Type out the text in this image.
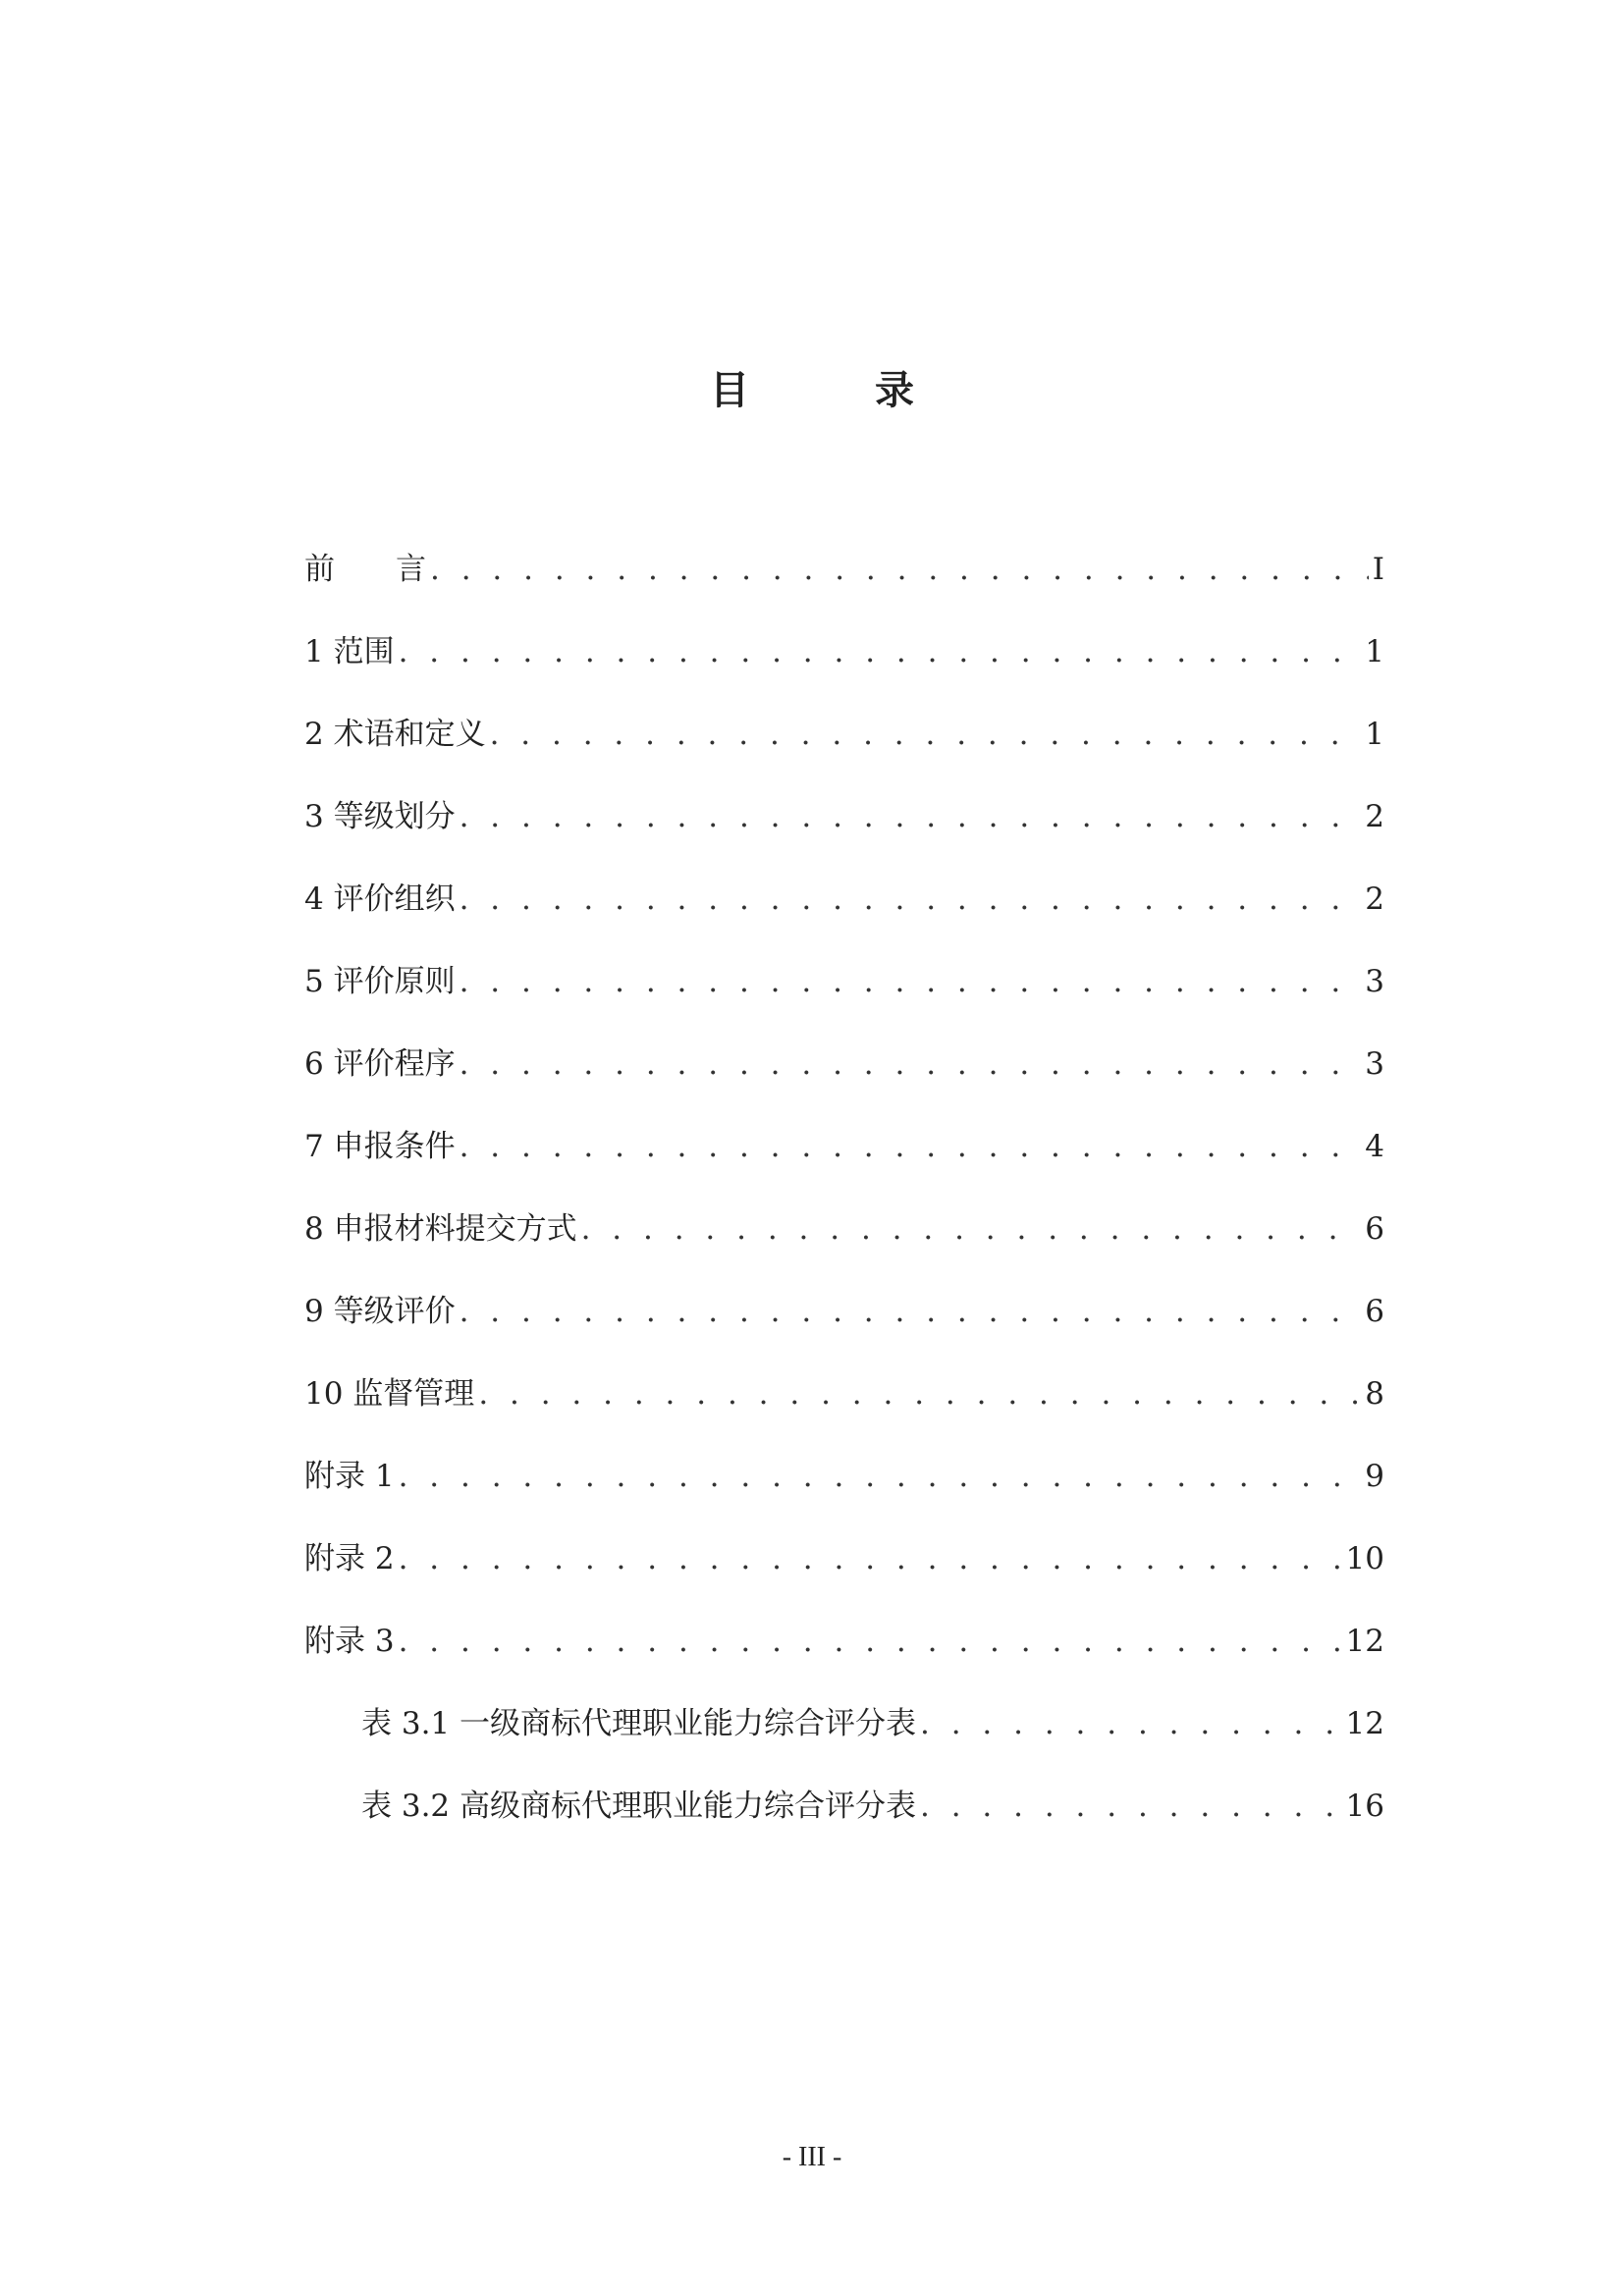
目　录
前　　言 . . .	I
1 范围 . . .	1
2 术语和定义 . . .	1
3 等级划分 . . .	2
4 评价组织 . . .	2
5 评价原则 . . .	3
6 评价程序 . . .	3
7 申报条件 . . .	4
8 申报材料提交方式 . . .	6
9 等级评价 . . .	6
10 监督管理 . . .	8
附录 1 . . .	9
附录 2 . . .	10
附录 3 . . .	12
表 3.1 一级商标代理职业能力综合评分表 . . .	12
表 3.2 高级商标代理职业能力综合评分表 . . .	16
- III -
